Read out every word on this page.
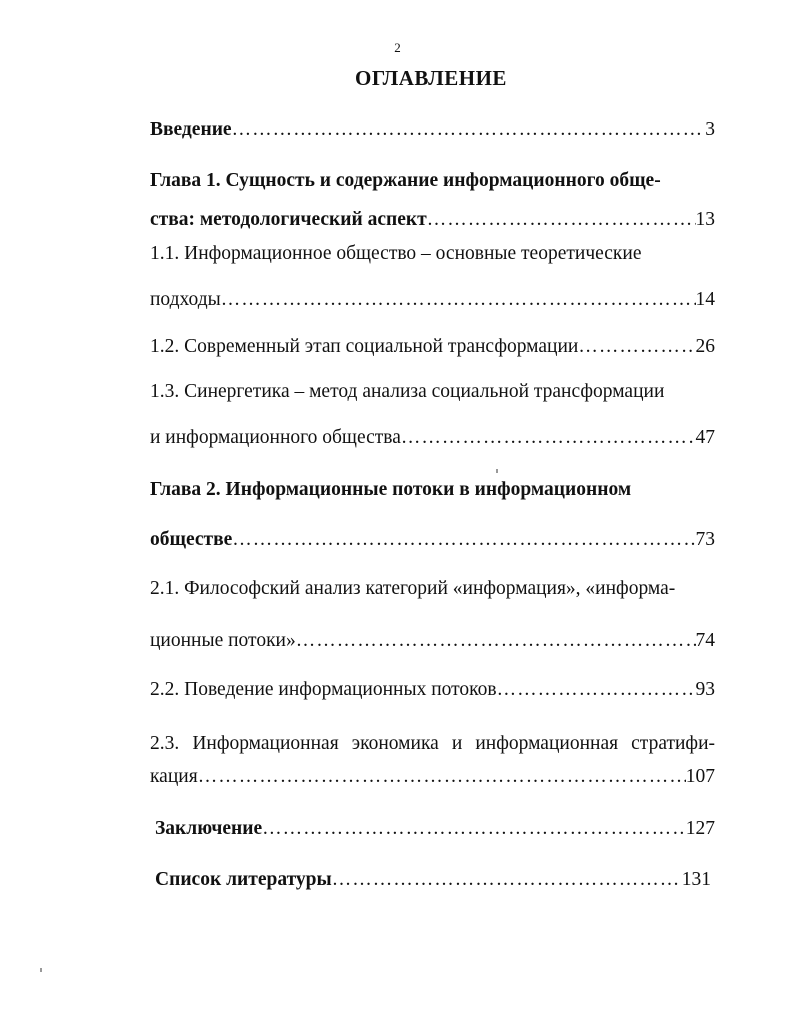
2
ОГЛАВЛЕНИЕ
Введение …………………………………………………………………………………………………………………………………………	3
Глава 1. Сущность и содержание информационного обще-
ства: методологический аспект …………………………………………………………………………………………………………………………………………	13
1.1. Информационное общество – основные теоретические
подходы …………………………………………………………………………………………………………………………………………	14
1.2. Современный этап социальной трансформации …………………………………………………………………………………………………………………………………………	26
1.3. Синергетика – метод анализа социальной трансформации
и информационного общества …………………………………………………………………………………………………………………………………………	47
Глава 2. Информационные потоки в информационном
обществе …………………………………………………………………………………………………………………………………………	73
2.1. Философский анализ категорий «информация», «информа-
ционные потоки» …………………………………………………………………………………………………………………………………………	74
2.2. Поведение информационных потоков …………………………………………………………………………………………………………………………………………	93
2.3. Информационная экономика и информационная стратифи-
кация …………………………………………………………………………………………………………………………………………	107
Заключение …………………………………………………………………………………………………………………………………………	127
Список литературы …………………………………………………………………………………………………………………………………………	131
